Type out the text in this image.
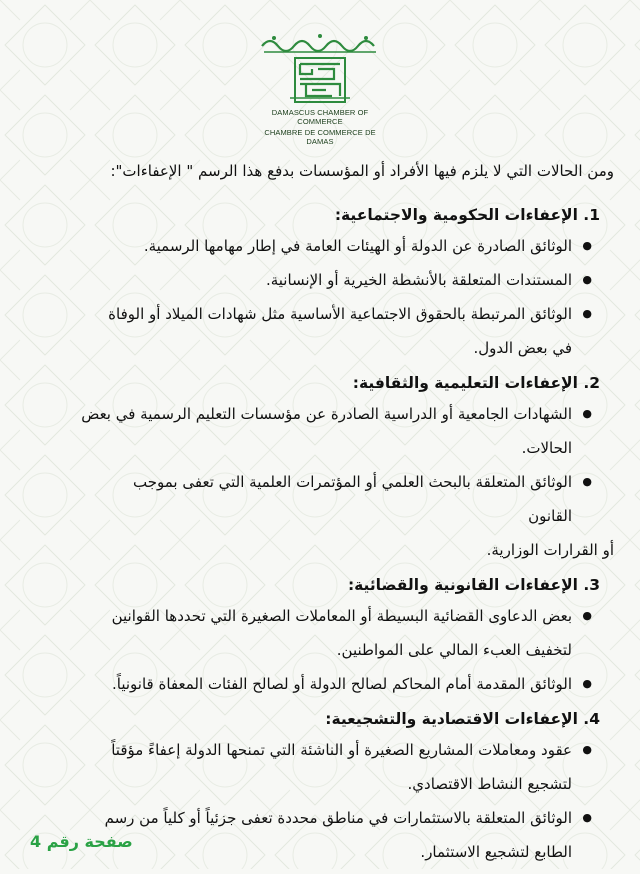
DAMASCUS CHAMBER OF COMMERCE
CHAMBRE DE COMMERCE DE DAMAS

ومن الحالات التي لا يلزم فيها الأفراد أو المؤسسات بدفع هذا الرسم " الإعفاءات":

1. الإعفاءات الحكومية والاجتماعية:
●
الوثائق الصادرة عن الدولة أو الهيئات العامة في إطار مهامها الرسمية.
●
المستندات المتعلقة بالأنشطة الخيرية أو الإنسانية.
●
الوثائق المرتبطة بالحقوق الاجتماعية الأساسية مثل شهادات الميلاد أو الوفاة
في بعض الدول.
2. الإعفاءات التعليمية والثقافية:
●
الشهادات الجامعية أو الدراسية الصادرة عن مؤسسات التعليم الرسمية في بعض
الحالات.
●
الوثائق المتعلقة بالبحث العلمي أو المؤتمرات العلمية التي تعفى بموجب
القانون
أو القرارات الوزارية.
3. الإعفاءات القانونية والقضائية:
●
بعض الدعاوى القضائية البسيطة أو المعاملات الصغيرة التي تحددها القوانين
لتخفيف العبء المالي على المواطنين.
●
الوثائق المقدمة أمام المحاكم لصالح الدولة أو لصالح الفئات المعفاة قانونياً.
4. الإعفاءات الاقتصادية والتشجيعية:
●
عقود ومعاملات المشاريع الصغيرة أو الناشئة التي تمنحها الدولة إعفاءً مؤقتاً
لتشجيع النشاط الاقتصادي.
●
الوثائق المتعلقة بالاستثمارات في مناطق محددة تعفى جزئياً أو كلياً من رسم
الطابع لتشجيع الاستثمار.
صفحة رقم 4
